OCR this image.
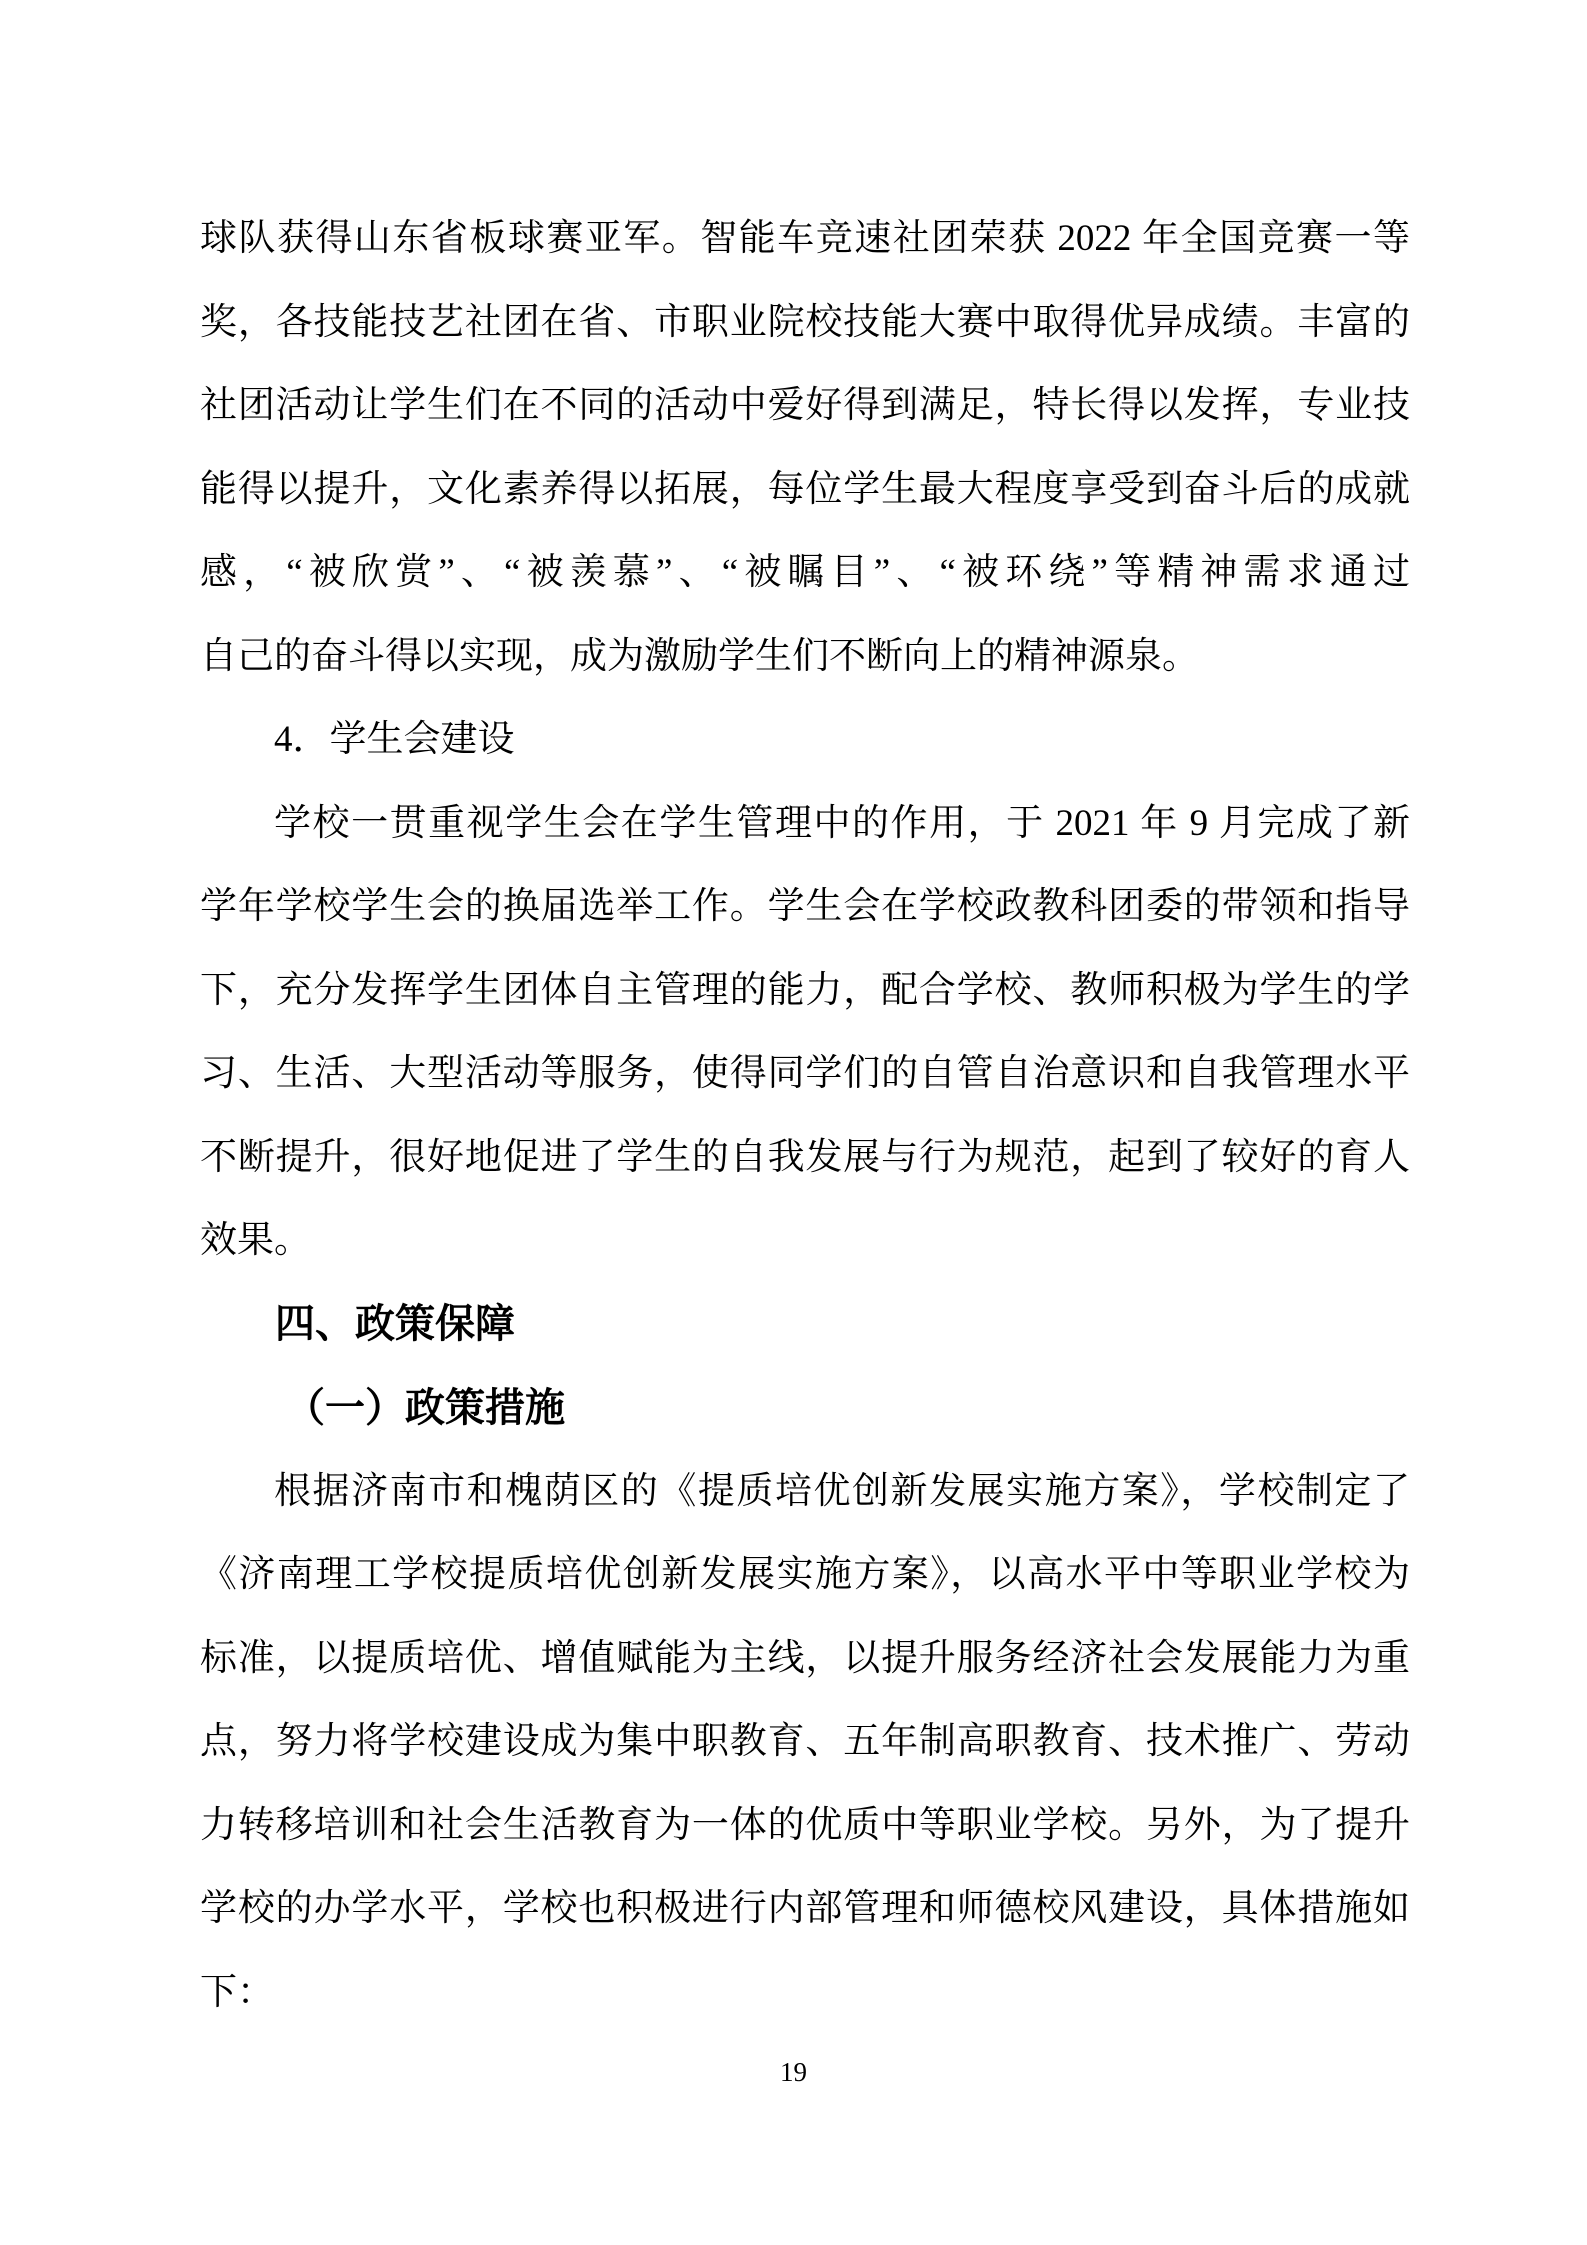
球队获得山东省板球赛亚军。智能车竞速社团荣获 2022 年全国竞赛一等
奖，各技能技艺社团在省、市职业院校技能大赛中取得优异成绩。丰富的
社团活动让学生们在不同的活动中爱好得到满足，特长得以发挥，专业技
能得以提升，文化素养得以拓展，每位学生最大程度享受到奋斗后的成就
感，“被欣赏”、“被羡慕”、“被瞩目”、“被环绕”等精神需求通过
自己的奋斗得以实现，成为激励学生们不断向上的精神源泉。
4．学生会建设
学校一贯重视学生会在学生管理中的作用，于 2021 年 9 月完成了新
学年学校学生会的换届选举工作。学生会在学校政教科团委的带领和指导
下，充分发挥学生团体自主管理的能力，配合学校、教师积极为学生的学
习、生活、大型活动等服务，使得同学们的自管自治意识和自我管理水平
不断提升，很好地促进了学生的自我发展与行为规范，起到了较好的育人
效果。
四、政策保障
（一）政策措施
根据济南市和槐荫区的《提质培优创新发展实施方案》，学校制定了
《济南理工学校提质培优创新发展实施方案》，以高水平中等职业学校为
标准，以提质培优、增值赋能为主线，以提升服务经济社会发展能力为重
点，努力将学校建设成为集中职教育、五年制高职教育、技术推广、劳动
力转移培训和社会生活教育为一体的优质中等职业学校。另外，为了提升
学校的办学水平，学校也积极进行内部管理和师德校风建设，具体措施如
下：
19
